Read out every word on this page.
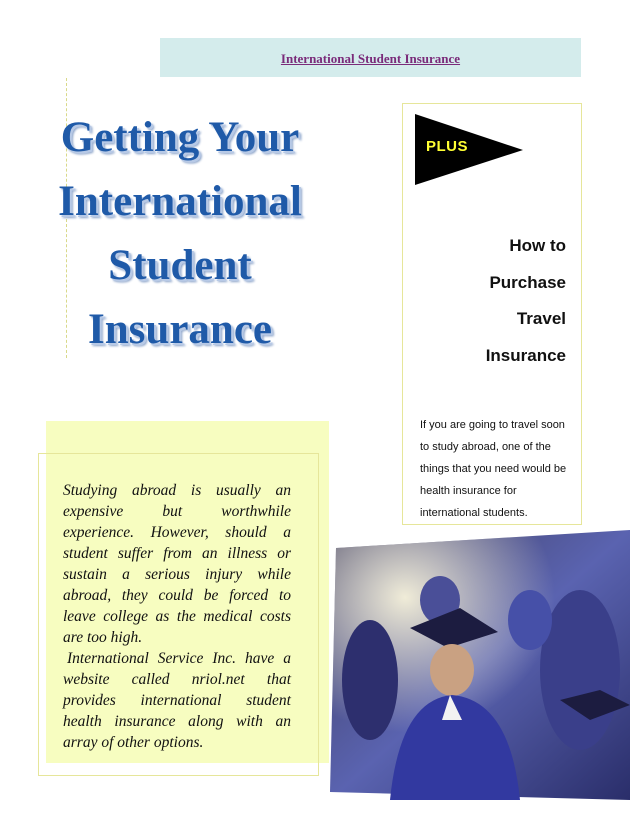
International Student Insurance
Getting Your
International
Student
Insurance
PLUS
How to
Purchase
Travel
Insurance
If you are going to travel soon to study abroad, one of the things that you need would be health insurance for international students.

Studying abroad is usually an expensive but worthwhile experience. However, should a student suffer from an illness or sustain a serious injury while abroad, they could be forced to leave college as the medical costs are too high.

International Service Inc. have a website called nriol.net that provides international student health insurance along with an array of other options.
